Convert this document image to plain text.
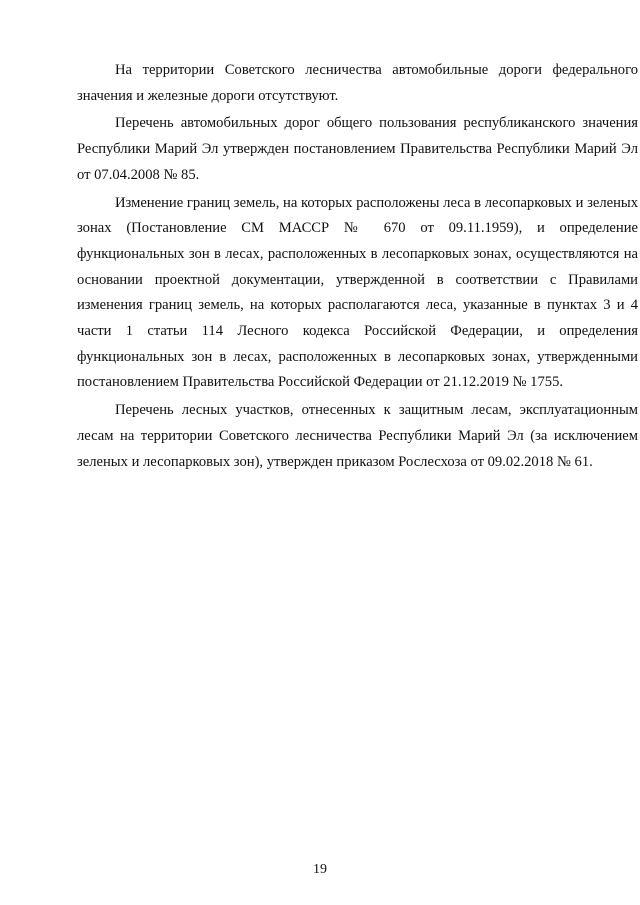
На территории Советского лесничества автомобильные дороги федерального значения и железные дороги отсутствуют.

Перечень автомобильных дорог общего пользования республиканского значения Республики Марий Эл утвержден постановлением Правительства Республики Марий Эл от 07.04.2008 № 85.

Изменение границ земель, на которых расположены леса в лесопарковых и зеленых зонах (Постановление СМ МАССР № 670 от 09.11.1959), и определение функциональных зон в лесах, расположенных в лесопарковых зонах, осуществляются на основании проектной документации, утвержденной в соответствии с Правилами изменения границ земель, на которых располагаются леса, указанные в пунктах 3 и 4 части 1 статьи 114 Лесного кодекса Российской Федерации, и определения функциональных зон в лесах, расположенных в лесопарковых зонах, утвержденными постановлением Правительства Российской Федерации от 21.12.2019 № 1755.

Перечень лесных участков, отнесенных к защитным лесам, эксплуатационным лесам на территории Советского лесничества Республики Марий Эл (за исключением зеленых и лесопарковых зон), утвержден приказом Рослесхоза от 09.02.2018 № 61.

19
